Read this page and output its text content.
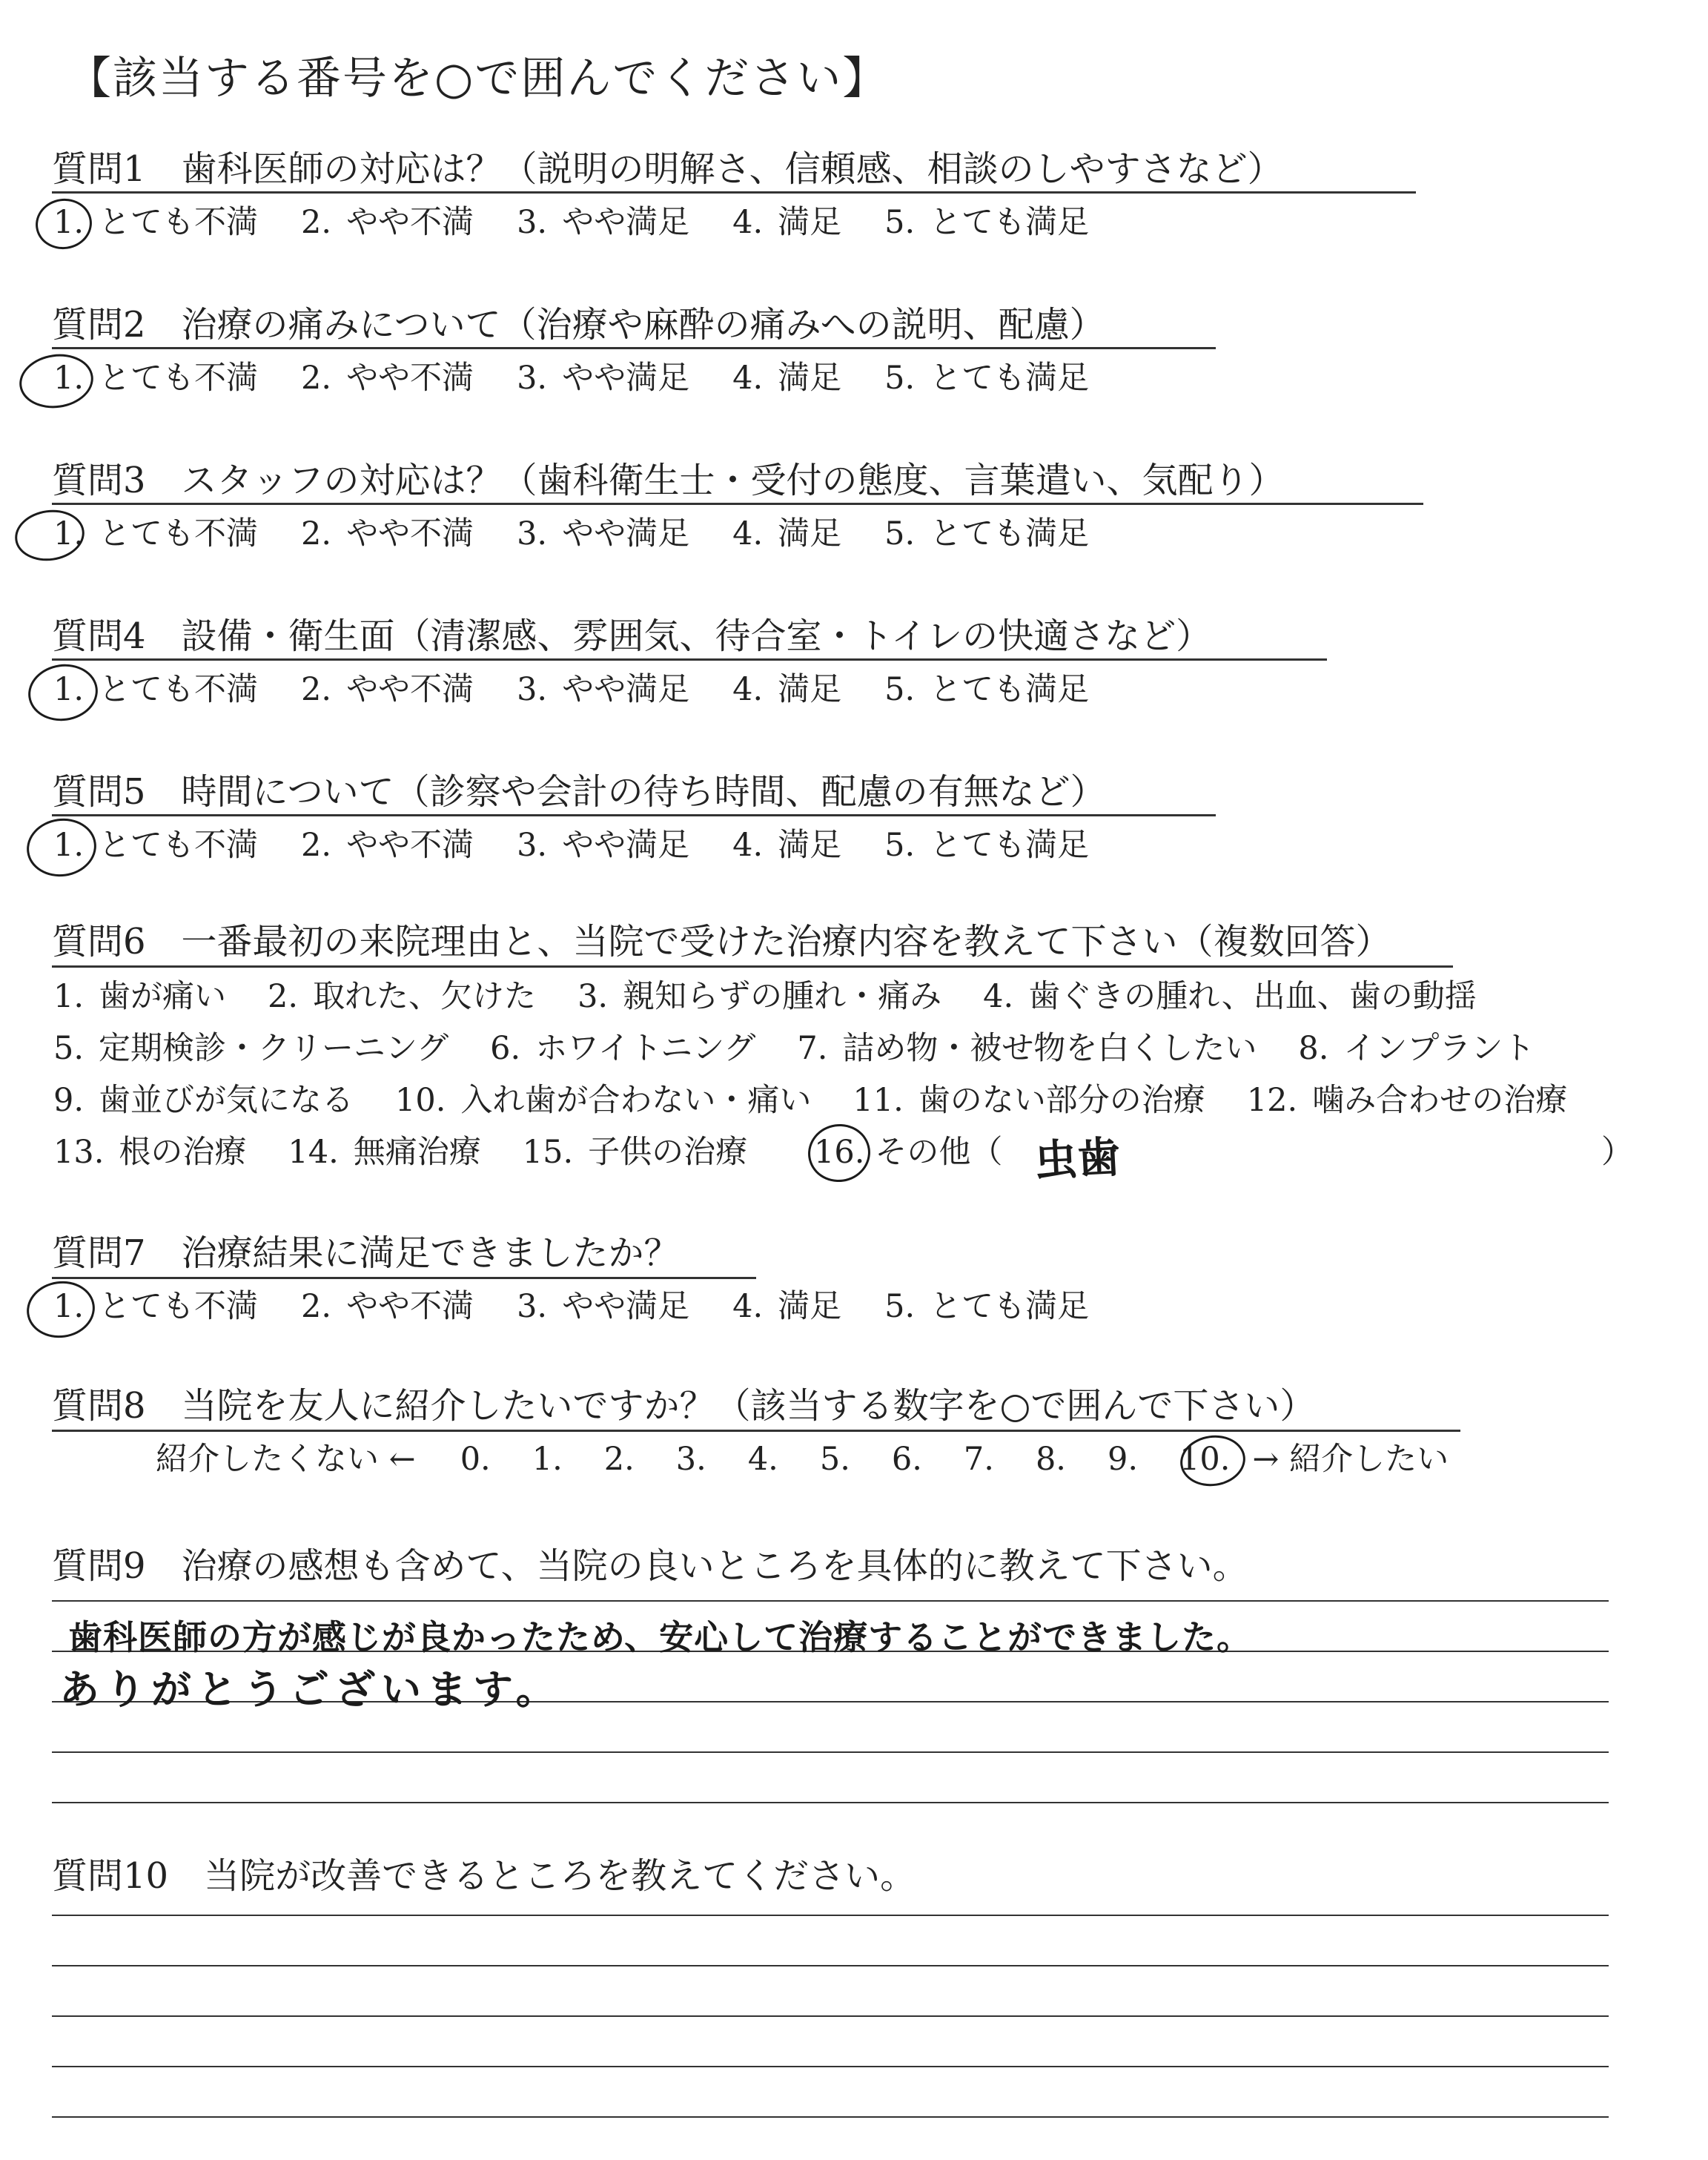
【該当する番号を○で囲んでください】
質問1　歯科医師の対応は？（説明の明解さ、信頼感、相談のしやすさなど）
1. とても不満 2. やや不満 3. やや満足 4. 満足 5. とても満足
質問2　治療の痛みについて（治療や麻酔の痛みへの説明、配慮）
1. とても不満 2. やや不満 3. やや満足 4. 満足 5. とても満足
質問3　スタッフの対応は？（歯科衛生士・受付の態度、言葉遣い、気配り）
1. とても不満 2. やや不満 3. やや満足 4. 満足 5. とても満足
質問4　設備・衛生面（清潔感、雰囲気、待合室・トイレの快適さなど）
1. とても不満 2. やや不満 3. やや満足 4. 満足 5. とても満足
質問5　時間について（診察や会計の待ち時間、配慮の有無など）
1. とても不満 2. やや不満 3. やや満足 4. 満足 5. とても満足
質問6　一番最初の来院理由と、当院で受けた治療内容を教えて下さい（複数回答）
1. 歯が痛い 2. 取れた、欠けた 3. 親知らずの腫れ・痛み 4. 歯ぐきの腫れ、出血、歯の動揺
5. 定期検診・クリーニング 6. ホワイトニング 7. 詰め物・被せ物を白くしたい 8. インプラント
9. 歯並びが気になる 10. 入れ歯が合わない・痛い 11. 歯のない部分の治療 12. 噛み合わせの治療
13. 根の治療 14. 無痛治療 15. 子供の治療 16. その他（	）
虫歯
質問7　治療結果に満足できましたか？
1. とても不満 2. やや不満 3. やや満足 4. 満足 5. とても満足
質問8　当院を友人に紹介したいですか？（該当する数字を○で囲んで下さい）
紹介したくない ← 0. 1. 2. 3. 4. 5. 6. 7. 8. 9. 10. → 紹介したい
質問9　治療の感想も含めて、当院の良いところを具体的に教えて下さい。
歯科医師の方が感じが良かったため、安心して治療することができました。
ありがとうございます。
質問10　当院が改善できるところを教えてください。
